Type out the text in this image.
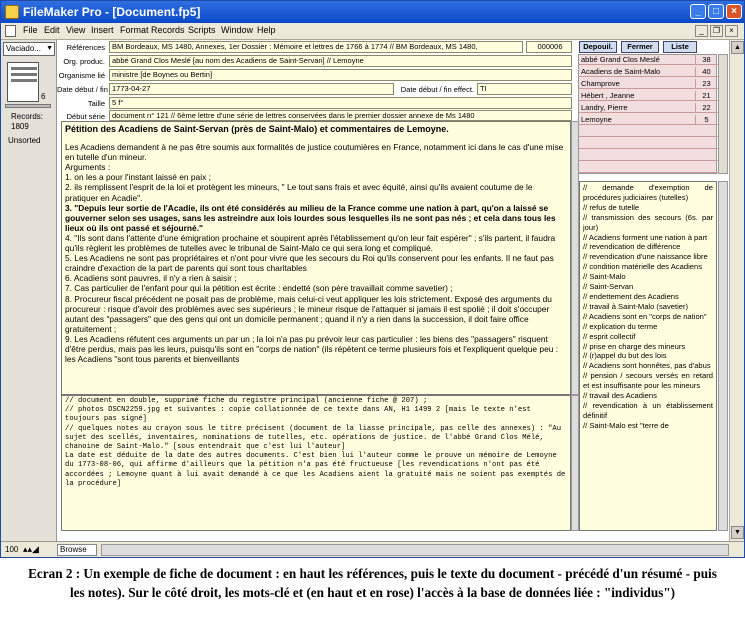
FileMaker Pro - [Document.fp5]	_	□	×
File Edit View Insert Format Records Scripts Window Help	_	❐	×
Vaciado... ▼
6
Records:
1809
Unsorted
Références BM Bordeaux, MS 1480, Annexes, 1er Dossier : Mémoire et lettres de 1766 à 1774 // BM Bordeaux, MS 1480,	000006	Depouil.	Fermer	Liste
Org. produc. abbé Grand Clos Meslé [au nom des Acadiens de Saint-Servan] // Lemoyne
Organisme lié ministre [de Boynes ou Bertin]
Date début / fin 1773-04-27	Date début / fin effect. TI
Taille 5 f°
Début série document n° 121 // 6ème lettre d'une série de lettres conservées dans le premier dossier annexe de Ms 1480
abbé Grand Clos Meslé	38
Acadiens de Saint-Malo	40
Champrove	23
Hébert , Jeanne	21
Landry, Pierre	22
Lemoyne	5

Pétition des Acadiens de Saint-Servan (près de Saint-Malo) et commentaires de Lemoyne.

Les Acadiens demandent à ne pas être soumis aux formalités de justice coutumières en France, notamment ici dans le cas d'une mise en tutelle d'un mineur.

Arguments :

1. on les a pour l'instant laissé en paix ;

2. ils remplissent l'esprit de la loi et protègent les mineurs, " Le tout sans frais et avec équité, ainsi qu'ils avaient coutume de le pratiquer en Acadie".

3. "Depuis leur sortie de l'Acadie, ils ont été considérés au milieu de la France comme une nation à part, qu'on a laissé se gouverner selon ses usages, sans les astreindre aux lois lourdes sous lesquelles ils ne sont pas nés ; et cela dans tous les lieux où ils ont passé et séjourné."

4. "Ils sont dans l'attente d'une émigration prochaine et soupirent après l'établissement qu'on leur fait espérer" ; s'ils partent, il faudra qu'ils règlent les problèmes de tutelles avec le tribunal de Saint-Malo ce qui sera long et compliqué.

5. Les Acadiens ne sont pas propriétaires et n'ont pour vivre que les secours du Roi qu'ils conservent pour les enfants. Il ne faut pas craindre d'exaction de la part de parents qui sont tous charitables

6. Acadiens sont pauvres, il n'y a rien à saisir ;

7. Cas particulier de l'enfant pour qui la pétition est écrite : endetté (son père travaillait comme savetier) ;

8. Procureur fiscal précédent ne posait pas de problème, mais celui-ci veut appliquer les lois strictement. Exposé des arguments du procureur : risque d'avoir des problèmes avec ses supérieurs ; le mineur risque de l'attaquer si jamais il est spolié ; il doit s'occuper autant des "passagers" que des gens qui ont un domicile permanent ; quand il n'y a rien dans la succession, il doit faire office gratuitement ;

9. Les Acadiens réfutent ces arguments un par un ; la loi n'a pas pu prévoir leur cas particulier : les biens des "passagers" risquent d'être perdus, mais pas les leurs, puisqu'ils sont en "corps de nation" (ils répètent ce terme plusieurs fois et l'expliquent quelque peu : les Acadiens "sont tous parents et bienveillants

// document en double, supprimé fiche du registre principal (ancienne fiche @ 207) ;
// photos DSCN2259.jpg et suivantes : copie collationnée de ce texte dans AN, H1 1499 2 [mais le texte n'est toujours pas signé]
// quelques notes au crayon sous le titre précisent (document de la liasse principale, pas celle des annexes) : "Au sujet des scellés, inventaires, nominations de tutelles, etc. opérations de justice. de l'abbé Grand Clos Mélé, chanoine de Saint-Malo." [sous entendrait que c'est lui l'auteur]
La date est déduite de la date des autres documents. C'est bien lui l'auteur comme le prouve un mémoire de Lemoyne du 1773-08-06, qui affirme d'ailleurs que la pétition n'a pas été fructueuse [les revendications n'ont pas été accordées ; Lemoyne quant à lui avait demandé à ce que les Acadiens aient la gratuité mais ne soient pas exemptés de la procédure]
// demande d'exemption de procédures judiciaires (tutelles)
// refus de tutelle
// transmission des secours (6s. par jour)
// Acadiens forment une nation à part
// revendication de différence
// revendication d'une naissance libre
// condition matérielle des Acadiens
// Saint-Malo
// Saint-Servan
// endettement des Acadiens
// travail à Saint-Malo (savetier)
// Acadiens sont en "corps de nation"
// explication du terme
// esprit collectif
// prise en charge des mineurs
// (r)appel du but des lois
// Acadiens sont honnêtes, pas d'abus
// pension / secours versés en retard et est insuffisante pour les mineurs
// travail des Acadiens
// revendication à un établissement définitif
// Saint-Malo est "terre de
▲
▼
100 ▴▴◢	Browse
Ecran 2 : Un exemple de fiche de document : en haut les références, puis le texte du document - précédé d'un résumé - puis les notes). Sur le côté droit, les mots-clé et (en haut et en rose) l'accès à la base de données liée : "individus")
